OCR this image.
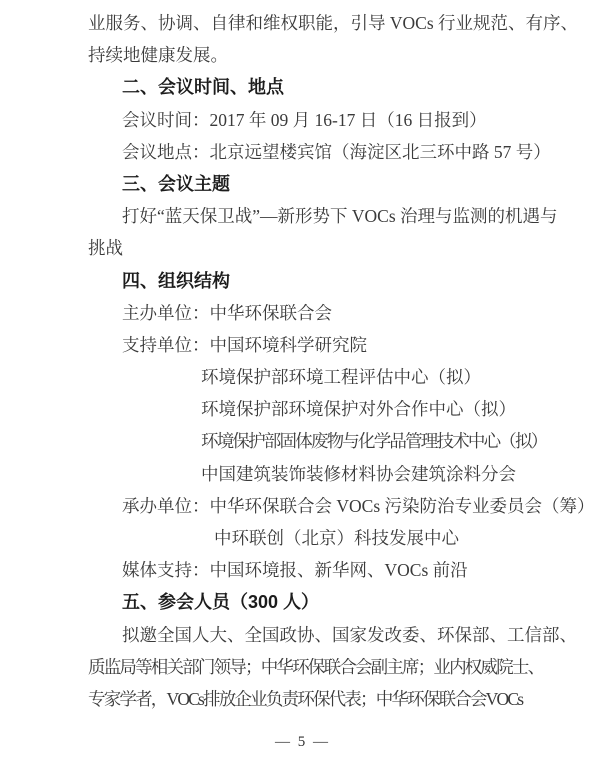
业服务、协调、自律和维权职能，引导 VOCs 行业规范、有序、
持续地健康发展。
二、会议时间、地点
会议时间：2017 年 09 月 16-17 日（16 日报到）
会议地点：北京远望楼宾馆（海淀区北三环中路 57 号）
三、会议主题
打好“蓝天保卫战”—新形势下 VOCs 治理与监测的机遇与
挑战
四、组织结构
主办单位：中华环保联合会
支持单位：中国环境科学研究院
环境保护部环境工程评估中心（拟）
环境保护部环境保护对外合作中心（拟）
环境保护部固体废物与化学品管理技术中心（拟）
中国建筑装饰装修材料协会建筑涂料分会
承办单位：中华环保联合会 VOCs 污染防治专业委员会（筹）
中环联创（北京）科技发展中心
媒体支持：中国环境报、新华网、VOCs 前沿
五、参会人员（300 人）
拟邀全国人大、全国政协、国家发改委、环保部、工信部、
质监局等相关部门领导；中华环保联合会副主席；业内权威院士、
专家学者，VOCs排放企业负责环保代表；中华环保联合会VOCs
— 5 —
